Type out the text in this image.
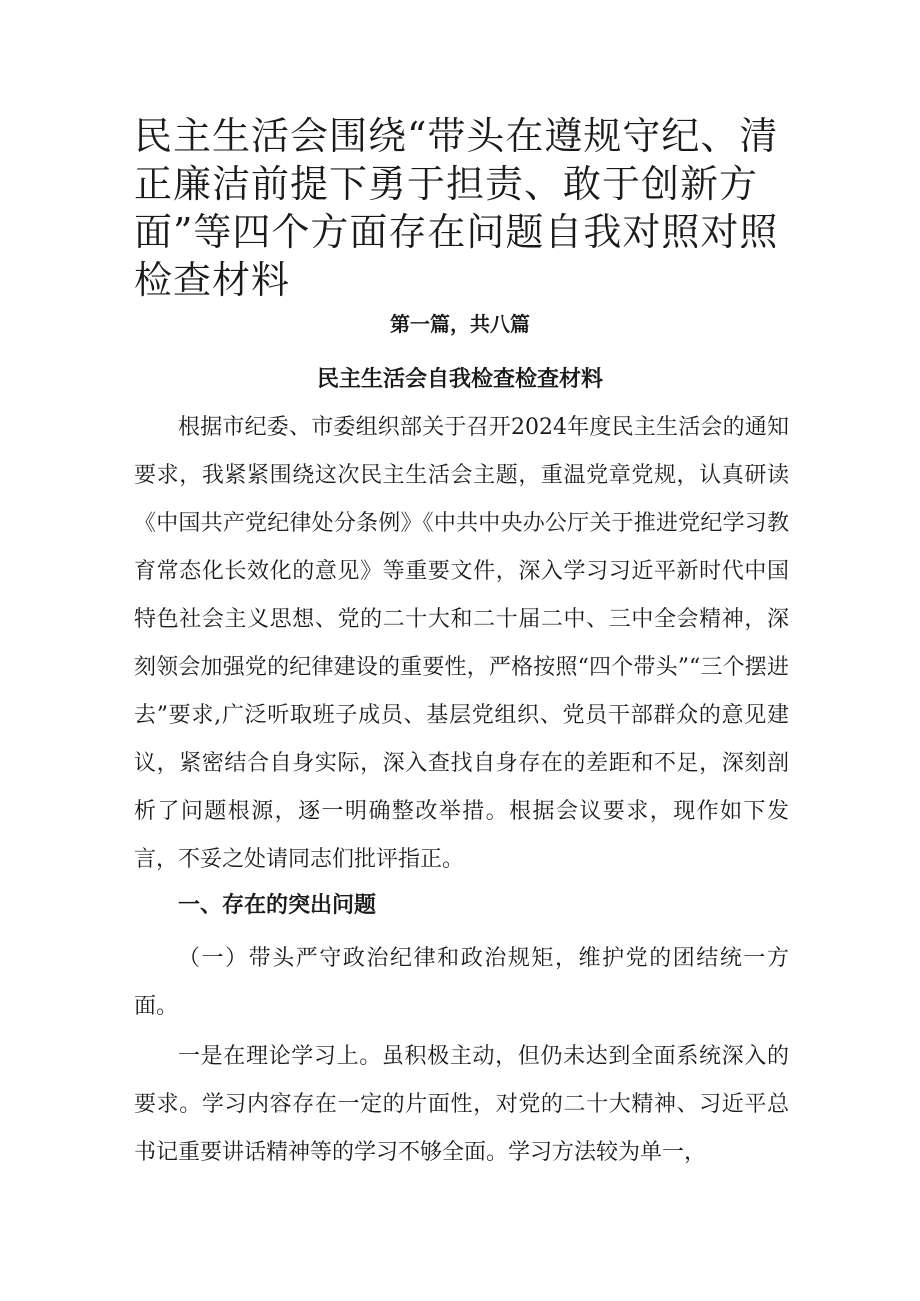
民主生活会围绕“带头在遵规守纪、清正廉洁前提下勇于担责、敢于创新方面”等四个方面存在问题自我对照对照检查材料

第一篇，共八篇

民主生活会自我检查检查材料

根据市纪委、市委组织部关于召开2024年度民主生活会的通知要求，我紧紧围绕这次民主生活会主题，重温党章党规，认真研读《中国共产党纪律处分条例》《中共中央办公厅关于推进党纪学习教育常态化长效化的意见》等重要文件，深入学习习近平新时代中国特色社会主义思想、党的二十大和二十届二中、三中全会精神，深刻领会加强党的纪律建设的重要性，严格按照“四个带头”“三个摆进去”要求,广泛听取班子成员、基层党组织、党员干部群众的意见建议，紧密结合自身实际，深入查找自身存在的差距和不足，深刻剖析了问题根源，逐一明确整改举措。根据会议要求，现作如下发言，不妥之处请同志们批评指正。

一、存在的突出问题

（一）带头严守政治纪律和政治规矩，维护党的团结统一方面。

一是在理论学习上。虽积极主动，但仍未达到全面系统深入的要求。学习内容存在一定的片面性，对党的二十大精神、习近平总书记重要讲话精神等的学习不够全面。学习方法较为单一，
